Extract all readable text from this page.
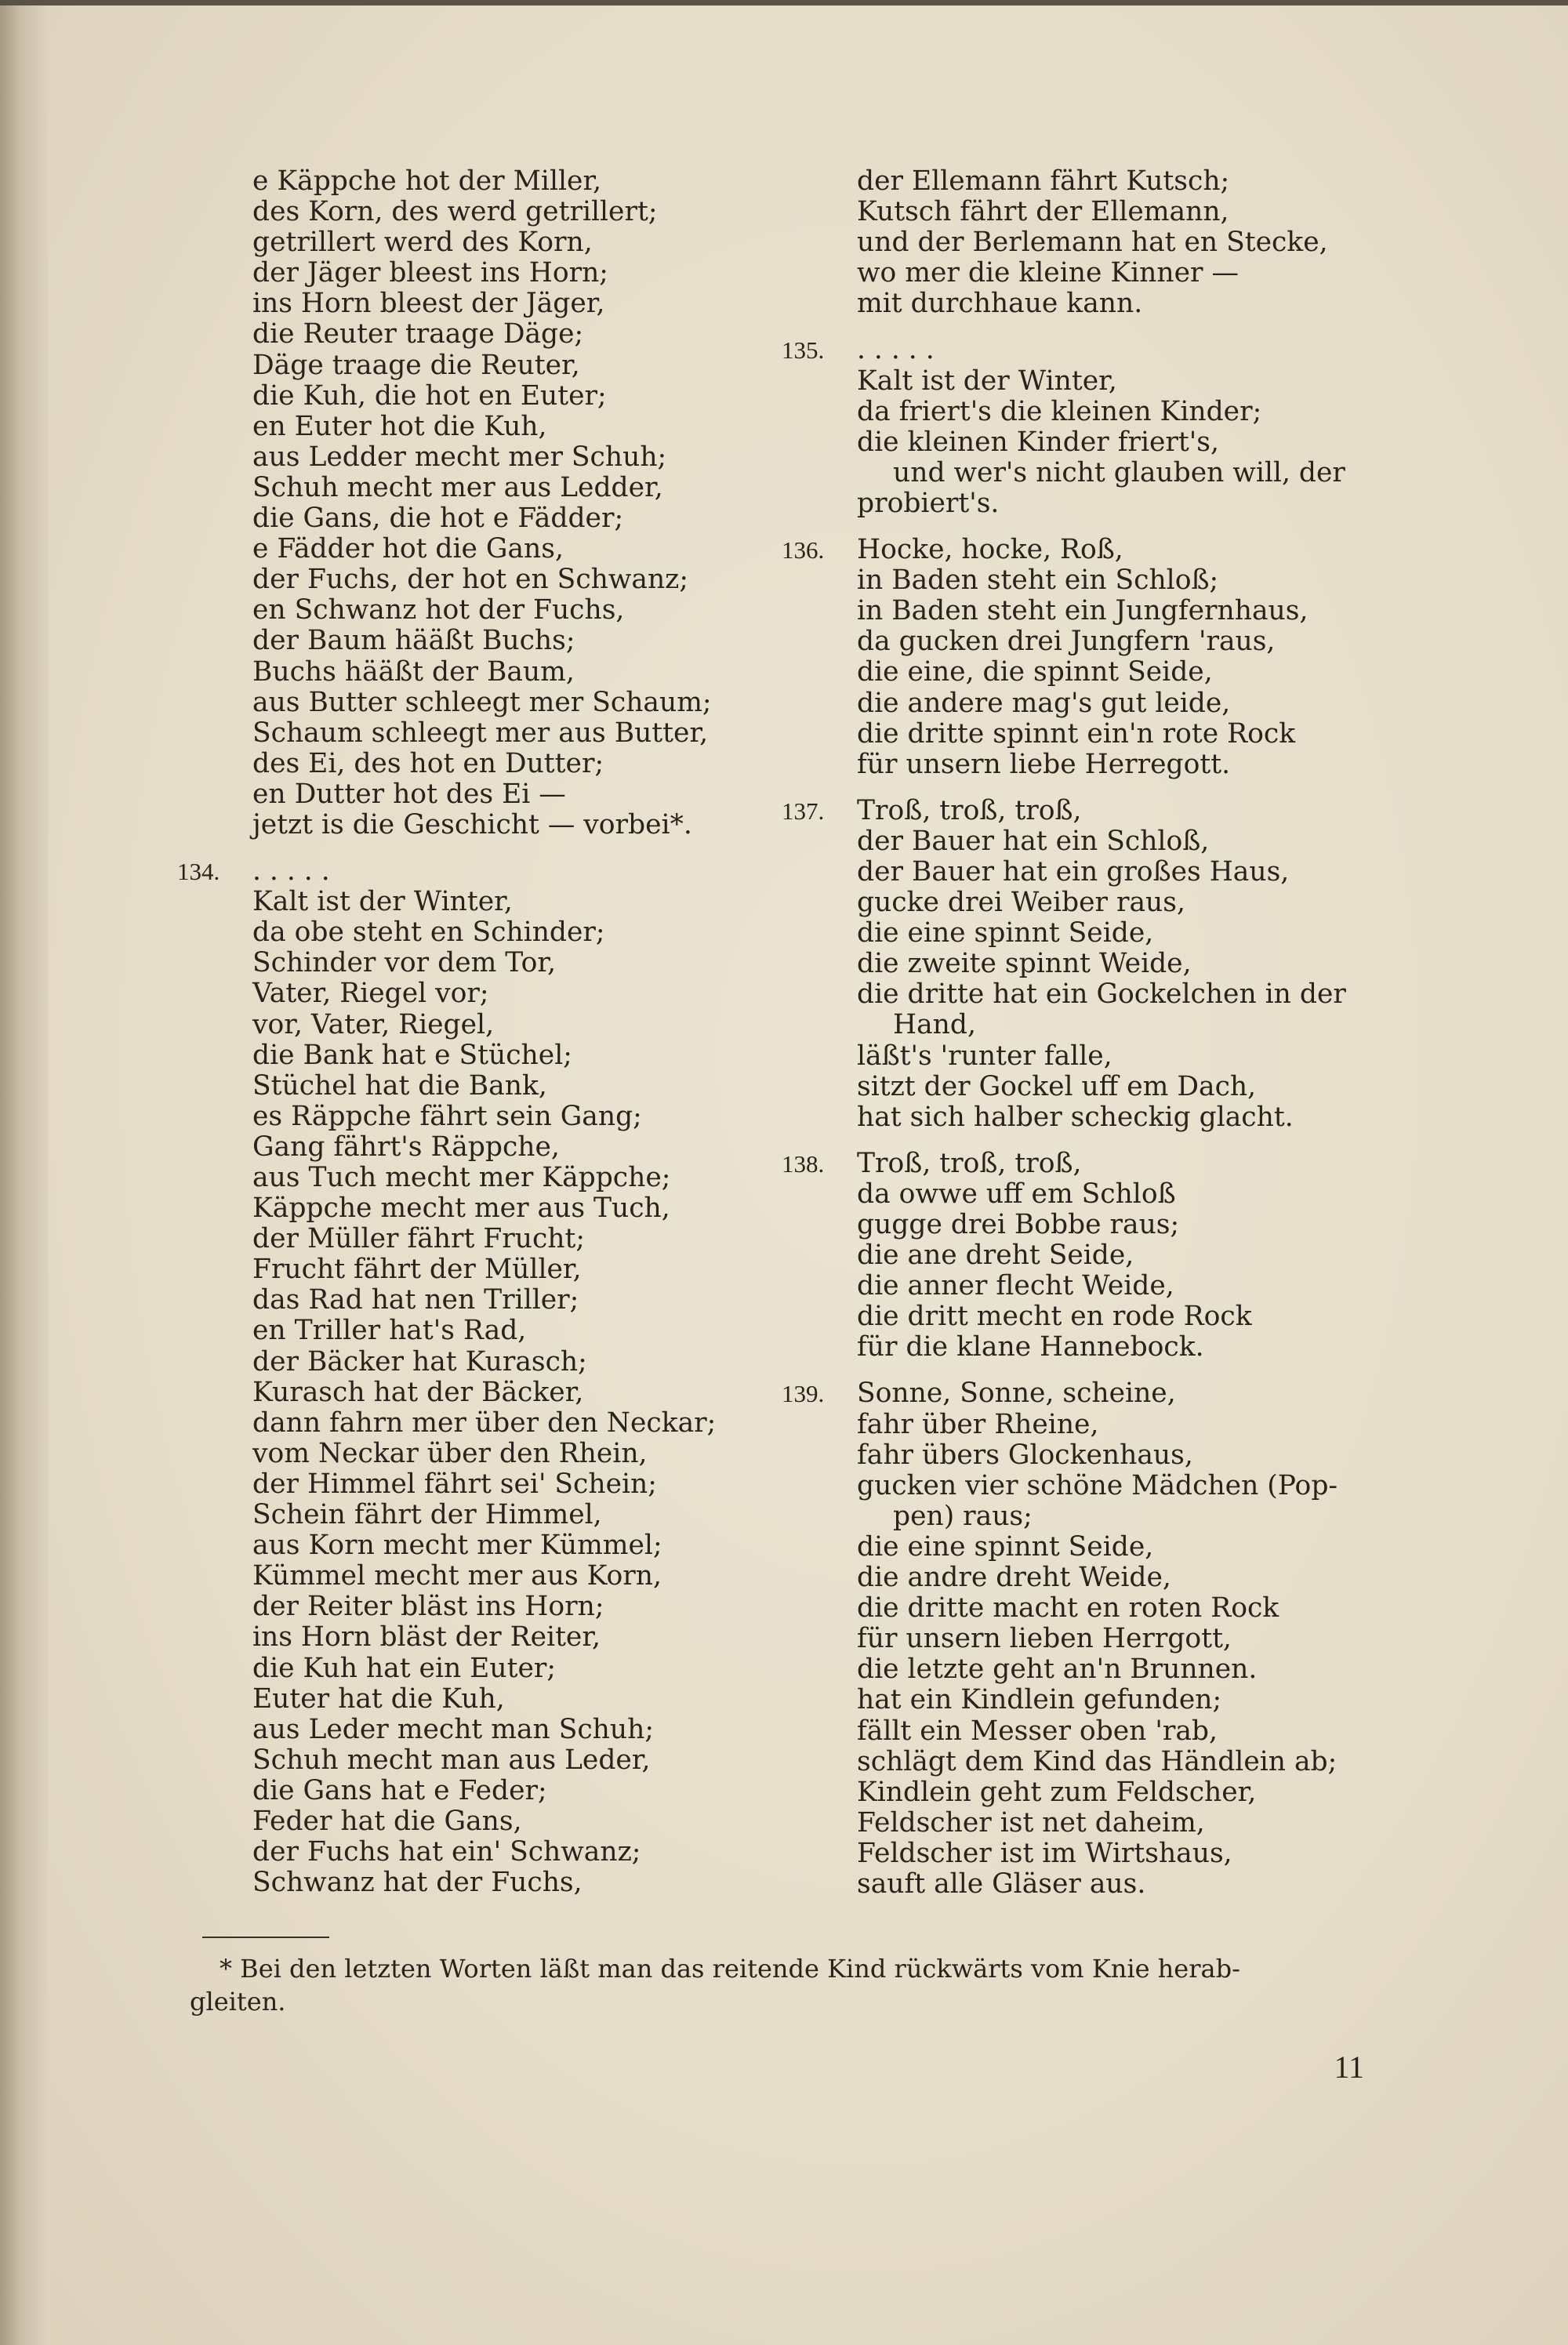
e Käppche hot der Miller,
des Korn, des werd getrillert;
getrillert werd des Korn,
der Jäger bleest ins Horn;
ins Horn bleest der Jäger,
die Reuter traage Däge;
Däge traage die Reuter,
die Kuh, die hot en Euter;
en Euter hot die Kuh,
aus Ledder mecht mer Schuh;
Schuh mecht mer aus Ledder,
die Gans, die hot e Fädder;
e Fädder hot die Gans,
der Fuchs, der hot en Schwanz;
en Schwanz hot der Fuchs,
der Baum hääßt Buchs;
Buchs hääßt der Baum,
aus Butter schleegt mer Schaum;
Schaum schleegt mer aus Butter,
des Ei, des hot en Dutter;
en Dutter hot des Ei —
jetzt is die Geschicht — vorbei*.
134. . . . . .
Kalt ist der Winter,
da obe steht en Schinder;
Schinder vor dem Tor,
Vater, Riegel vor;
vor, Vater, Riegel,
die Bank hat e Stüchel;
Stüchel hat die Bank,
es Räppche fährt sein Gang;
Gang fährt's Räppche,
aus Tuch mecht mer Käppche;
Käppche mecht mer aus Tuch,
der Müller fährt Frucht;
Frucht fährt der Müller,
das Rad hat nen Triller;
en Triller hat's Rad,
der Bäcker hat Kurasch;
Kurasch hat der Bäcker,
dann fahrn mer über den Neckar;
vom Neckar über den Rhein,
der Himmel fährt sei' Schein;
Schein fährt der Himmel,
aus Korn mecht mer Kümmel;
Kümmel mecht mer aus Korn,
der Reiter bläst ins Horn;
ins Horn bläst der Reiter,
die Kuh hat ein Euter;
Euter hat die Kuh,
aus Leder mecht man Schuh;
Schuh mecht man aus Leder,
die Gans hat e Feder;
Feder hat die Gans,
der Fuchs hat ein' Schwanz;
Schwanz hat der Fuchs,
der Ellemann fährt Kutsch;
Kutsch fährt der Ellemann,
und der Berlemann hat en Stecke,
wo mer die kleine Kinner —
mit durchhaue kann.
135. . . . . .
Kalt ist der Winter,
da friert's die kleinen Kinder;
die kleinen Kinder friert's,
und wer's nicht glauben will, der
probiert's.
136. Hocke, hocke, Roß,
in Baden steht ein Schloß;
in Baden steht ein Jungfernhaus,
da gucken drei Jungfern 'raus,
die eine, die spinnt Seide,
die andere mag's gut leide,
die dritte spinnt ein'n rote Rock
für unsern liebe Herregott.
137. Troß, troß, troß,
der Bauer hat ein Schloß,
der Bauer hat ein großes Haus,
gucke drei Weiber raus,
die eine spinnt Seide,
die zweite spinnt Weide,
die dritte hat ein Gockelchen in der
Hand,
läßt's 'runter falle,
sitzt der Gockel uff em Dach,
hat sich halber scheckig glacht.
138. Troß, troß, troß,
da owwe uff em Schloß
gugge drei Bobbe raus;
die ane dreht Seide,
die anner flecht Weide,
die dritt mecht en rode Rock
für die klane Hannebock.
139. Sonne, Sonne, scheine,
fahr über Rheine,
fahr übers Glockenhaus,
gucken vier schöne Mädchen (Pop-
pen) raus;
die eine spinnt Seide,
die andre dreht Weide,
die dritte macht en roten Rock
für unsern lieben Herrgott,
die letzte geht an'n Brunnen.
hat ein Kindlein gefunden;
fällt ein Messer oben 'rab,
schlägt dem Kind das Händlein ab;
Kindlein geht zum Feldscher,
Feldscher ist net daheim,
Feldscher ist im Wirtshaus,
sauft alle Gläser aus.
* Bei den letzten Worten läßt man das reitende Kind rückwärts vom Knie herab-
gleiten.
11
